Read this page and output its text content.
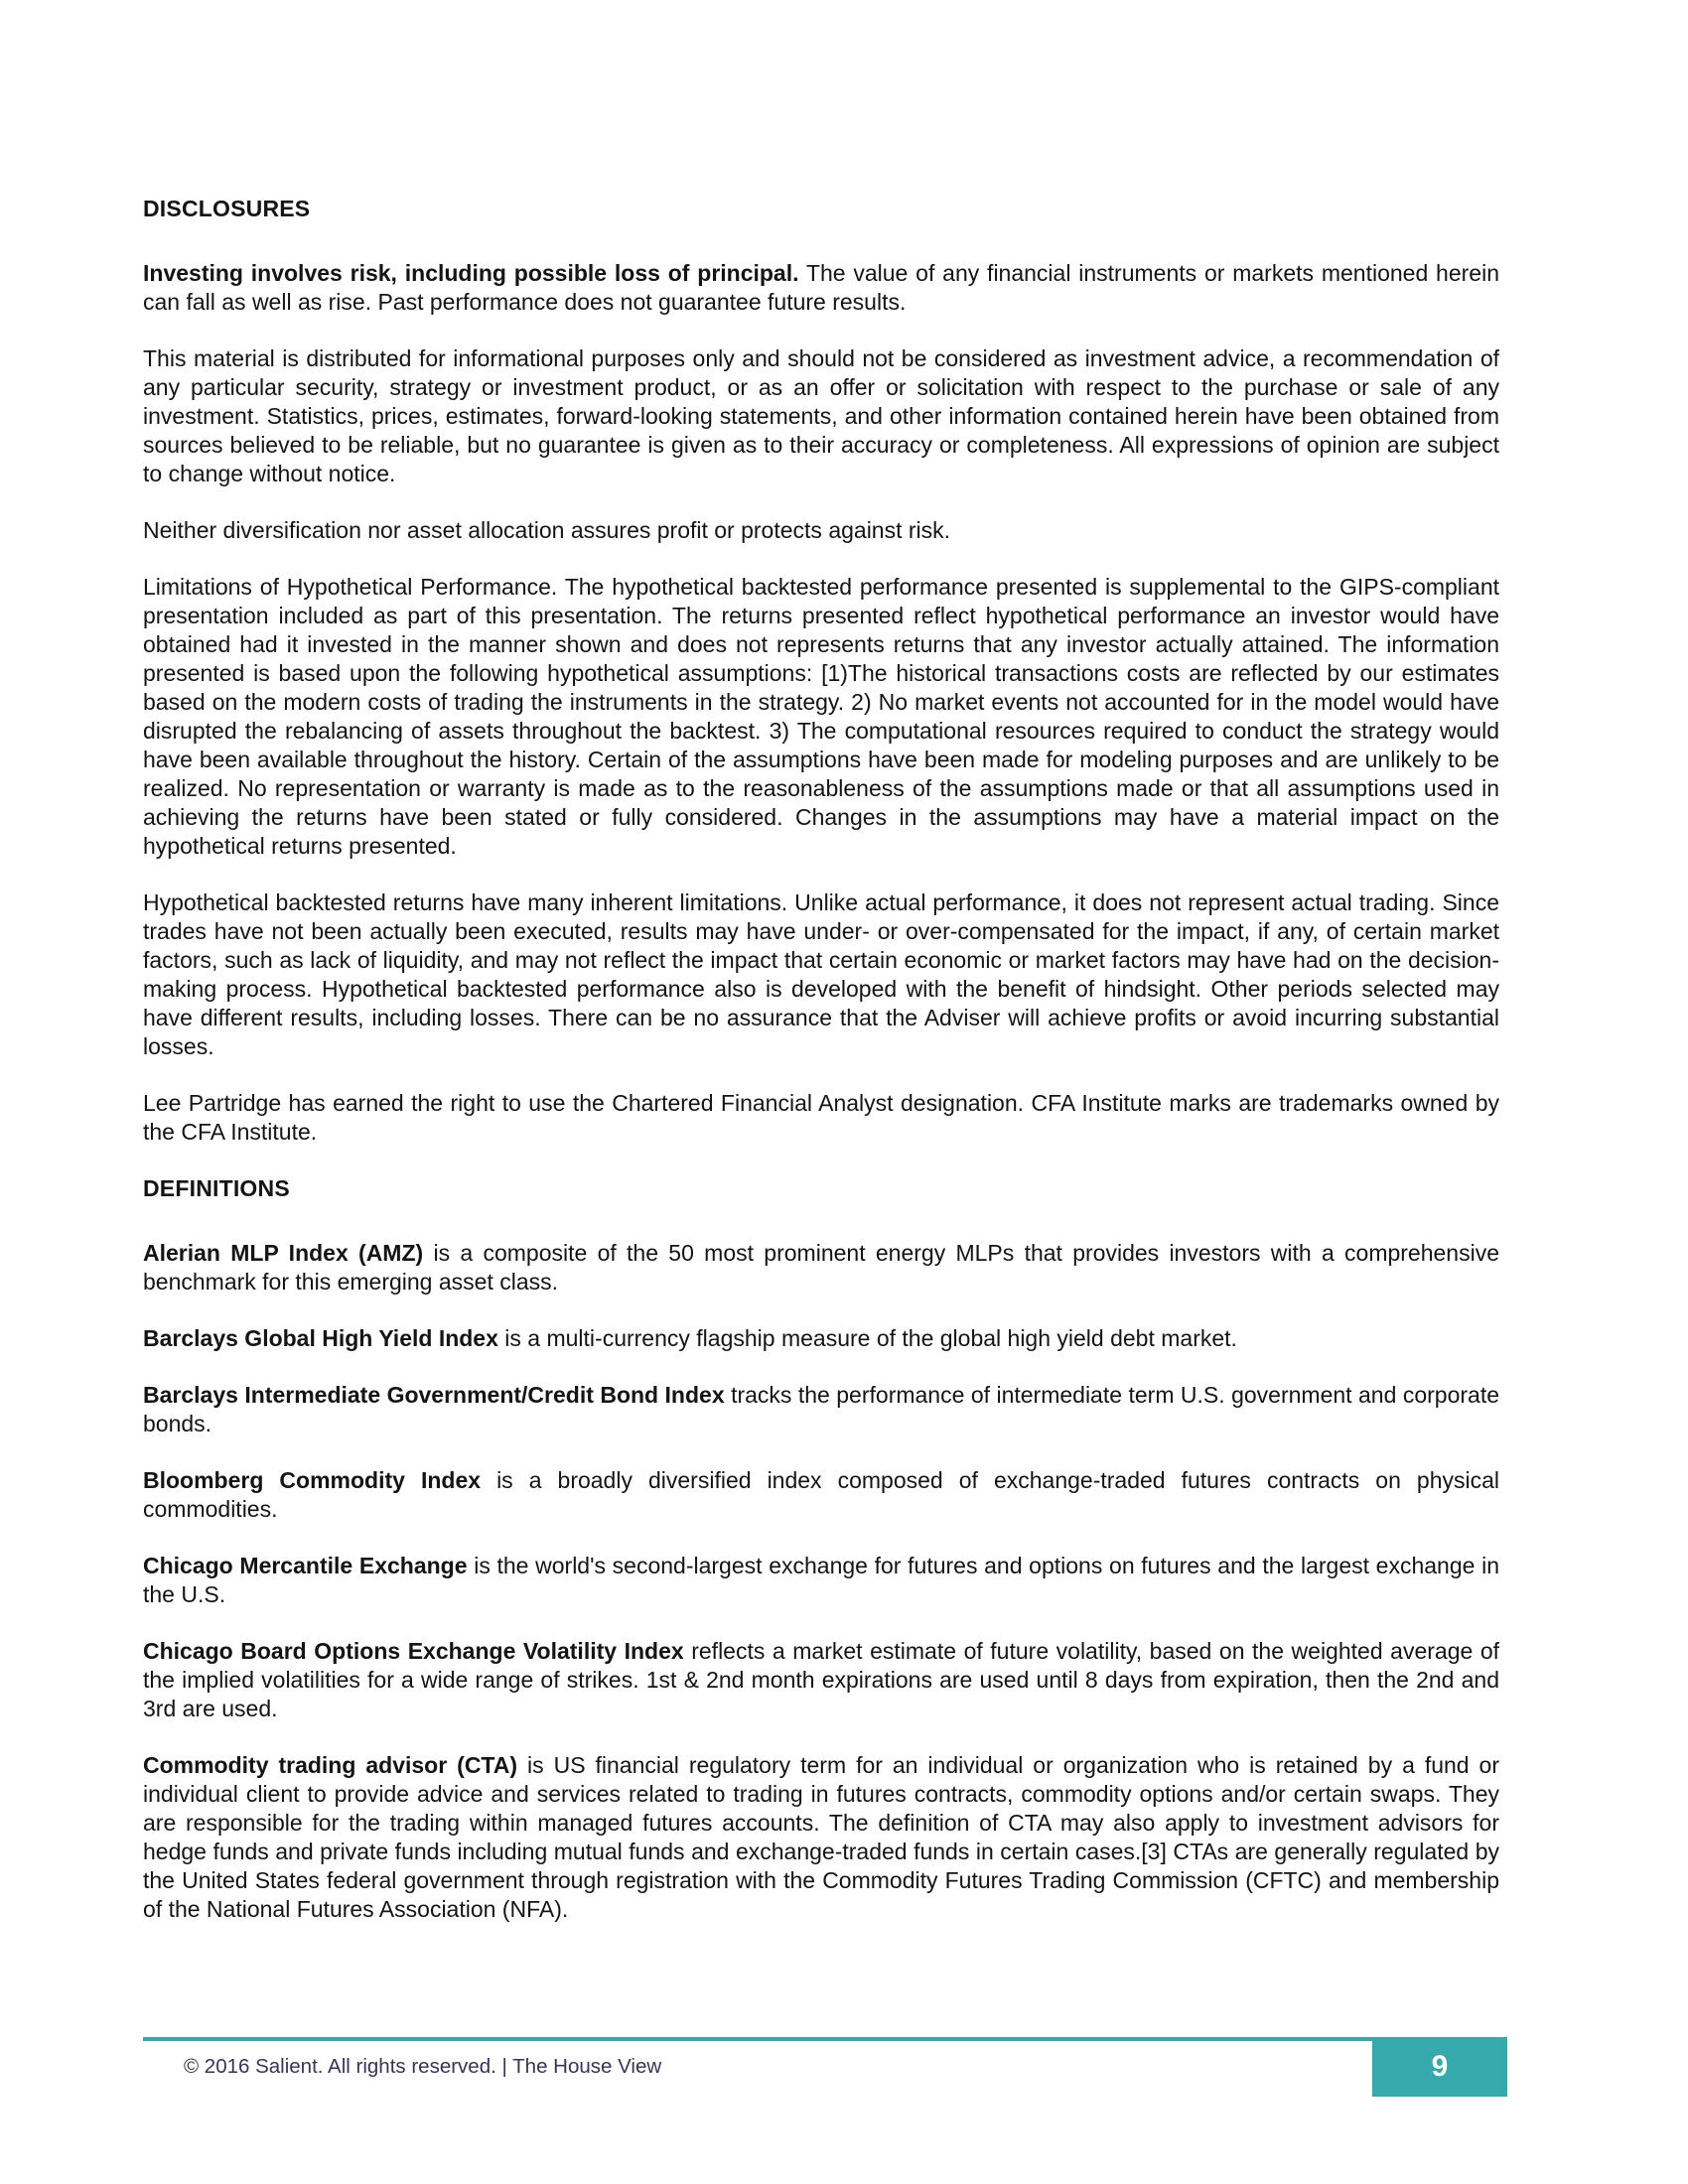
DISCLOSURES

Investing involves risk, including possible loss of principal. The value of any financial instruments or markets mentioned herein can fall as well as rise. Past performance does not guarantee future results.

This material is distributed for informational purposes only and should not be considered as investment advice, a recommendation of any particular security, strategy or investment product, or as an offer or solicitation with respect to the purchase or sale of any investment. Statistics, prices, estimates, forward-looking statements, and other information contained herein have been obtained from sources believed to be reliable, but no guarantee is given as to their accuracy or completeness. All expressions of opinion are subject to change without notice.

Neither diversification nor asset allocation assures profit or protects against risk.

Limitations of Hypothetical Performance. The hypothetical backtested performance presented is supplemental to the GIPS-compliant presentation included as part of this presentation. The returns presented reflect hypothetical performance an investor would have obtained had it invested in the manner shown and does not represents returns that any investor actually attained. The information presented is based upon the following hypothetical assumptions: [1)The historical transactions costs are reflected by our estimates based on the modern costs of trading the instruments in the strategy. 2) No market events not accounted for in the model would have disrupted the rebalancing of assets throughout the backtest. 3) The computational resources required to conduct the strategy would have been available throughout the history. Certain of the assumptions have been made for modeling purposes and are unlikely to be realized. No representation or warranty is made as to the reasonableness of the assumptions made or that all assumptions used in achieving the returns have been stated or fully considered. Changes in the assumptions may have a material impact on the hypothetical returns presented.

Hypothetical backtested returns have many inherent limitations. Unlike actual performance, it does not represent actual trading. Since trades have not been actually been executed, results may have under- or over-compensated for the impact, if any, of certain market factors, such as lack of liquidity, and may not reflect the impact that certain economic or market factors may have had on the decision-making process. Hypothetical backtested performance also is developed with the benefit of hindsight. Other periods selected may have different results, including losses. There can be no assurance that the Adviser will achieve profits or avoid incurring substantial losses.

Lee Partridge has earned the right to use the Chartered Financial Analyst designation. CFA Institute marks are trademarks owned by the CFA Institute.

DEFINITIONS

Alerian MLP Index (AMZ) is a composite of the 50 most prominent energy MLPs that provides investors with a comprehensive benchmark for this emerging asset class.

Barclays Global High Yield Index is a multi-currency flagship measure of the global high yield debt market.

Barclays Intermediate Government/Credit Bond Index tracks the performance of intermediate term U.S. government and corporate bonds.

Bloomberg Commodity Index is a broadly diversified index composed of exchange-traded futures contracts on physical commodities.

Chicago Mercantile Exchange is the world's second-largest exchange for futures and options on futures and the largest exchange in the U.S.

Chicago Board Options Exchange Volatility Index reflects a market estimate of future volatility, based on the weighted average of the implied volatilities for a wide range of strikes. 1st & 2nd month expirations are used until 8 days from expiration, then the 2nd and 3rd are used.

Commodity trading advisor (CTA) is US financial regulatory term for an individual or organization who is retained by a fund or individual client to provide advice and services related to trading in futures contracts, commodity options and/or certain swaps. They are responsible for the trading within managed futures accounts. The definition of CTA may also apply to investment advisors for hedge funds and private funds including mutual funds and exchange-traded funds in certain cases.[3] CTAs are generally regulated by the United States federal government through registration with the Commodity Futures Trading Commission (CFTC) and membership of the National Futures Association (NFA).

© 2016 Salient. All rights reserved. | The House View	9
